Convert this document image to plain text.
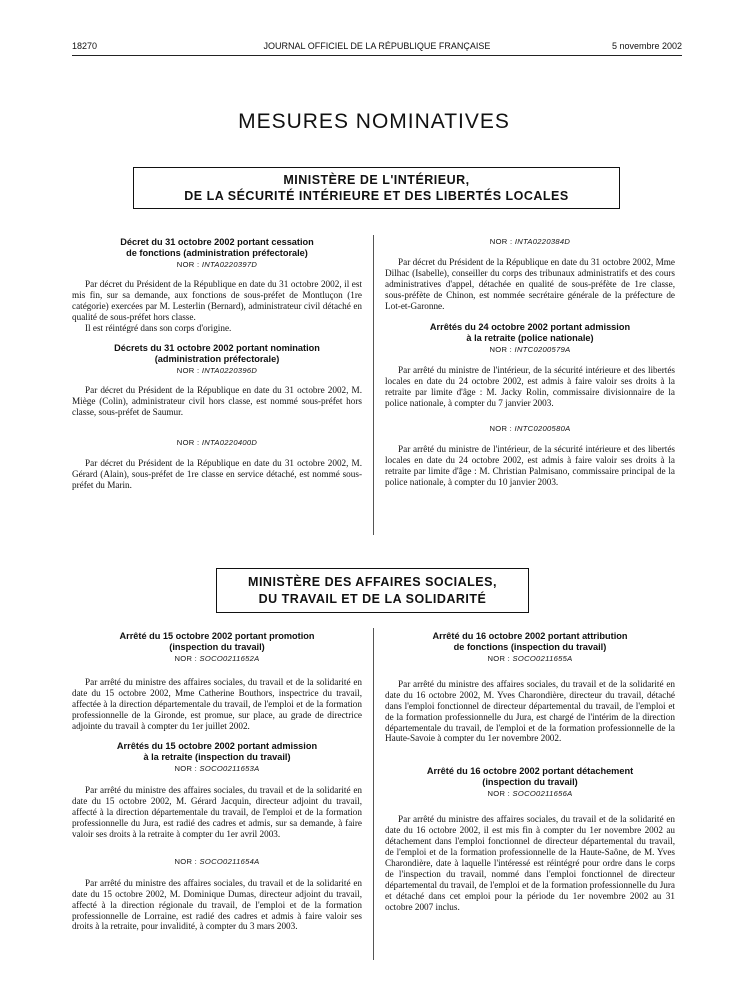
18270	JOURNAL OFFICIEL DE LA RÉPUBLIQUE FRANÇAISE	5 novembre 2002
MESURES NOMINATIVES
MINISTÈRE DE L'INTÉRIEUR,
DE LA SÉCURITÉ INTÉRIEURE ET DES LIBERTÉS LOCALES
Décret du 31 octobre 2002 portant cessation
de fonctions (administration préfectorale)
NOR : INTA0220397D

Par décret du Président de la République en date du 31 octobre 2002, il est mis fin, sur sa demande, aux fonctions de sous-préfet de Montluçon (1re catégorie) exercées par M. Lesterlin (Bernard), administrateur civil détaché en qualité de sous-préfet hors classe.

Il est réintégré dans son corps d'origine.

Décrets du 31 octobre 2002 portant nomination
(administration préfectorale)
NOR : INTA0220396D

Par décret du Président de la République en date du 31 octobre 2002, M. Miège (Colin), administrateur civil hors classe, est nommé sous-préfet hors classe, sous-préfet de Saumur.

NOR : INTA0220400D

Par décret du Président de la République en date du 31 octobre 2002, M. Gérard (Alain), sous-préfet de 1re classe en service détaché, est nommé sous-préfet du Marin.

NOR : INTA0220384D

Par décret du Président de la République en date du 31 octobre 2002, Mme Dilhac (Isabelle), conseiller du corps des tribunaux administratifs et des cours administratives d'appel, détachée en qualité de sous-préfète de 1re classe, sous-préfète de Chinon, est nommée secrétaire générale de la préfecture de Lot-et-Garonne.

Arrêtés du 24 octobre 2002 portant admission
à la retraite (police nationale)
NOR : INTC0200579A

Par arrêté du ministre de l'intérieur, de la sécurité intérieure et des libertés locales en date du 24 octobre 2002, est admis à faire valoir ses droits à la retraite par limite d'âge : M. Jacky Rolin, commissaire divisionnaire de la police nationale, à compter du 7 janvier 2003.

NOR : INTC0200580A

Par arrêté du ministre de l'intérieur, de la sécurité intérieure et des libertés locales en date du 24 octobre 2002, est admis à faire valoir ses droits à la retraite par limite d'âge : M. Christian Palmisano, commissaire principal de la police nationale, à compter du 10 janvier 2003.

MINISTÈRE DES AFFAIRES SOCIALES,
DU TRAVAIL ET DE LA SOLIDARITÉ
Arrêté du 15 octobre 2002 portant promotion
(inspection du travail)
NOR : SOCO0211652A

Par arrêté du ministre des affaires sociales, du travail et de la solidarité en date du 15 octobre 2002, Mme Catherine Bouthors, inspectrice du travail, affectée à la direction départementale du travail, de l'emploi et de la formation professionnelle de la Gironde, est promue, sur place, au grade de directrice adjointe du travail à compter du 1er juillet 2002.

Arrêtés du 15 octobre 2002 portant admission
à la retraite (inspection du travail)
NOR : SOCO0211653A

Par arrêté du ministre des affaires sociales, du travail et de la solidarité en date du 15 octobre 2002, M. Gérard Jacquin, directeur adjoint du travail, affecté à la direction départementale du travail, de l'emploi et de la formation professionnelle du Jura, est radié des cadres et admis, sur sa demande, à faire valoir ses droits à la retraite à compter du 1er avril 2003.

NOR : SOCO0211654A

Par arrêté du ministre des affaires sociales, du travail et de la solidarité en date du 15 octobre 2002, M. Dominique Dumas, directeur adjoint du travail, affecté à la direction régionale du travail, de l'emploi et de la formation professionnelle de Lorraine, est radié des cadres et admis à faire valoir ses droits à la retraite, pour invalidité, à compter du 3 mars 2003.

Arrêté du 16 octobre 2002 portant attribution
de fonctions (inspection du travail)
NOR : SOCO0211655A

Par arrêté du ministre des affaires sociales, du travail et de la solidarité en date du 16 octobre 2002, M. Yves Charondière, directeur du travail, détaché dans l'emploi fonctionnel de directeur départemental du travail, de l'emploi et de la formation professionnelle du Jura, est chargé de l'intérim de la direction départementale du travail, de l'emploi et de la formation professionnelle de la Haute-Savoie à compter du 1er novembre 2002.

Arrêté du 16 octobre 2002 portant détachement
(inspection du travail)
NOR : SOCO0211656A

Par arrêté du ministre des affaires sociales, du travail et de la solidarité en date du 16 octobre 2002, il est mis fin à compter du 1er novembre 2002 au détachement dans l'emploi fonctionnel de directeur départemental du travail, de l'emploi et de la formation professionnelle de la Haute-Saône, de M. Yves Charondière, date à laquelle l'intéressé est réintégré pour ordre dans le corps de l'inspection du travail, nommé dans l'emploi fonctionnel de directeur départemental du travail, de l'emploi et de la formation professionnelle du Jura et détaché dans cet emploi pour la période du 1er novembre 2002 au 31 octobre 2007 inclus.
